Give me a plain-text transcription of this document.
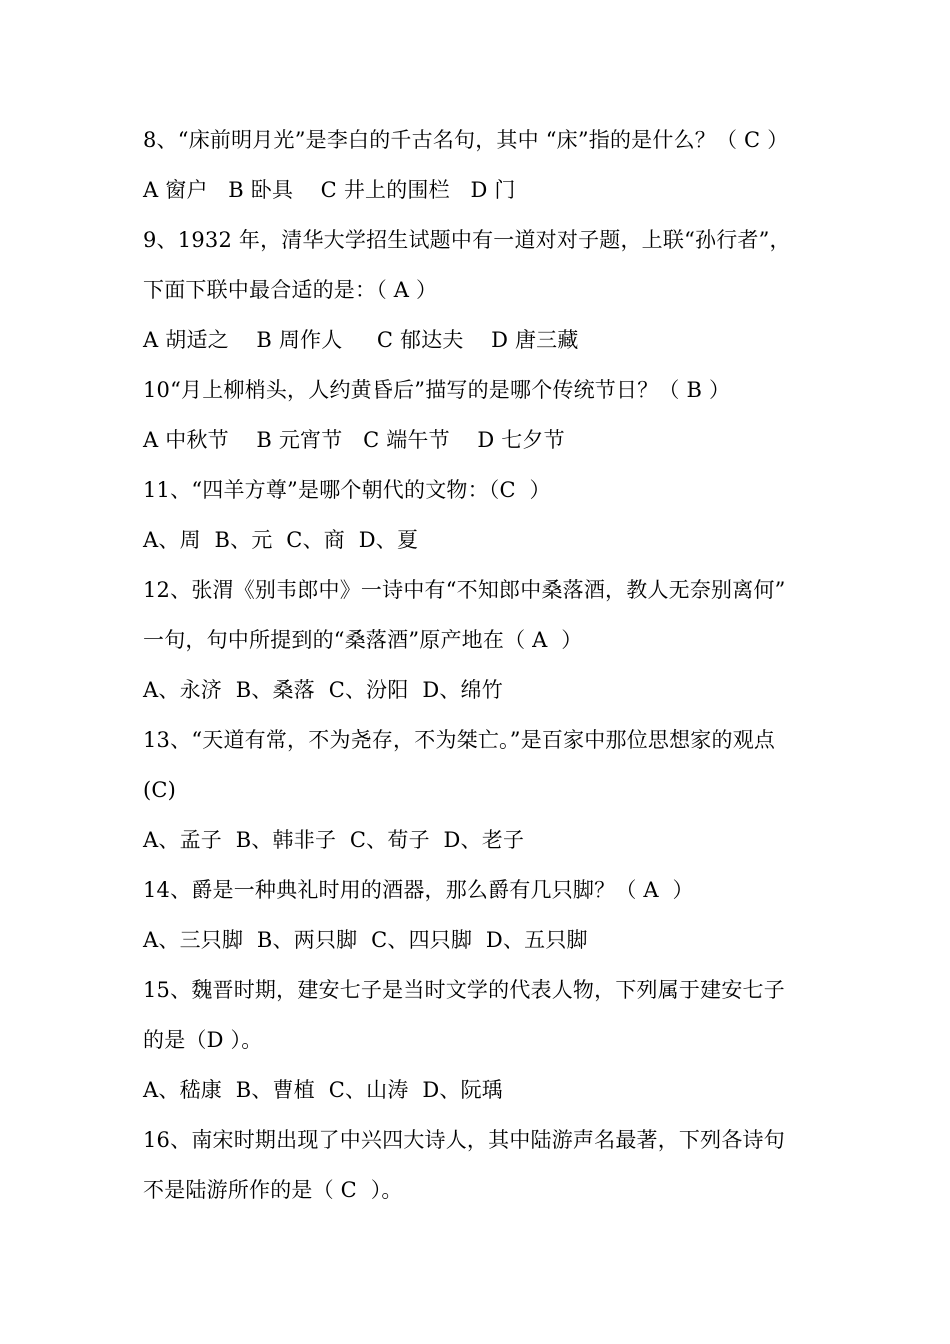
8、“床前明月光”是李白的千古名句，其中 “床”指的是什么？（ C ）
A 窗户   B 卧具    C 井上的围栏   D 门
9、1932 年，清华大学招生试题中有一道对对子题，上联“孙行者”，
下面下联中最合适的是：（ A ）
A 胡适之    B 周作人     C 郁达夫    D 唐三藏
10“月上柳梢头，人约黄昏后”描写的是哪个传统节日？（ B ）
A 中秋节    B 元宵节   C 端午节    D 七夕节
11、“四羊方尊”是哪个朝代的文物：（C  ）
A、周  B、元  C、商  D、夏
12、张渭《别韦郎中》一诗中有“不知郎中桑落酒，教人无奈别离何”
一句，句中所提到的“桑落酒”原产地在（ A  ）
A、永济  B、桑落  C、汾阳  D、绵竹
13、“天道有常，不为尧存，不为桀亡。”是百家中那位思想家的观点
(C)
A、孟子  B、韩非子  C、荀子  D、老子
14、爵是一种典礼时用的酒器，那么爵有几只脚？（ A  ）
A、三只脚  B、两只脚  C、四只脚  D、五只脚
15、魏晋时期，建安七子是当时文学的代表人物，下列属于建安七子
的是（D ）。
A、嵇康  B、曹植  C、山涛  D、阮瑀
16、南宋时期出现了中兴四大诗人，其中陆游声名最著，下列各诗句
不是陆游所作的是（ C  ）。
